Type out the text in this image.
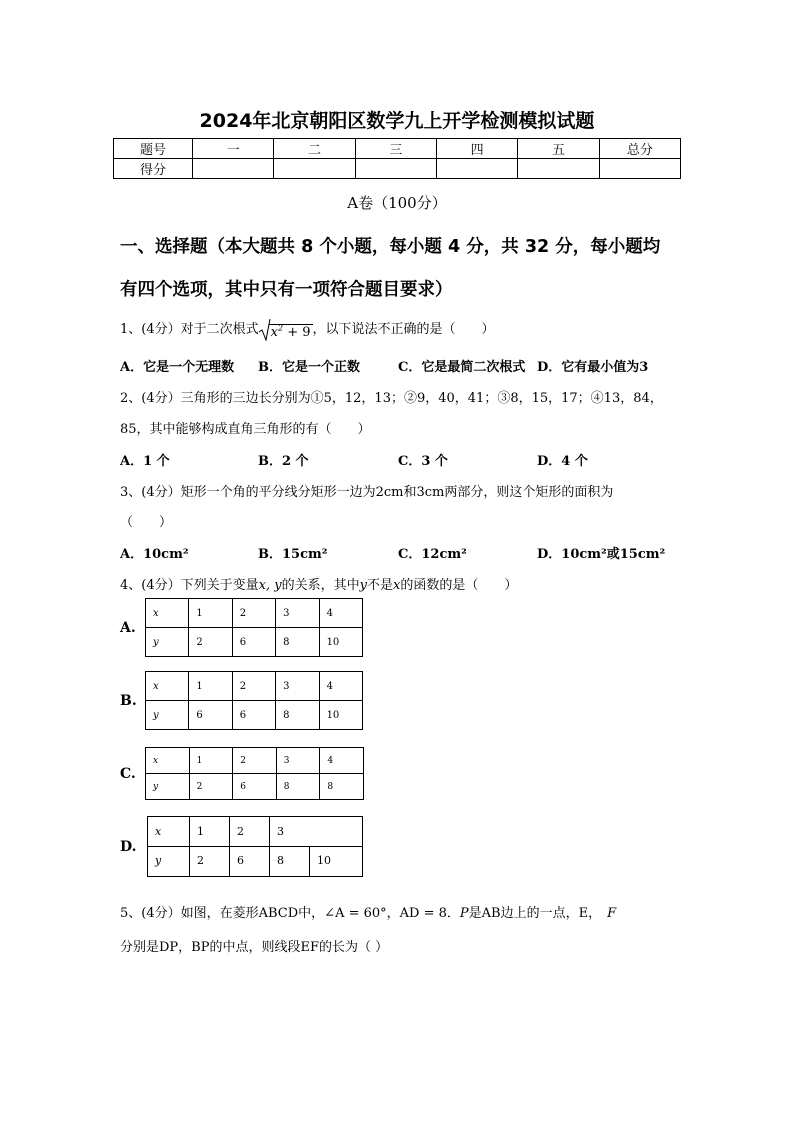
2024年北京朝阳区数学九上开学检测模拟试题
题号	一	二	三	四	五	总分
得分						
A卷（100分）
一、选择题（本大题共 8 个小题，每小题 4 分，共 32 分，每小题均
有四个选项，其中只有一项符合题目要求）
1、(4分）对于二次根式 $x^2 + 9$ ，以下说法不正确的是（　　）
A．它是一个无理数 B．它是一个正数	C．它是最简二次根式 D．它有最小值为3
2、(4分）三角形的三边长分别为①5，12，13；②9，40，41；③8，15，17；④13，84，
85，其中能够构成直角三角形的有（　　）
A．1 个	B．2 个	C．3 个	D．4 个
3、(4分）矩形一个角的平分线分矩形一边为2cm和3cm两部分，则这个矩形的面积为
（　　）
A．10cm²	B．15cm²	C．12cm²	D．10cm²或15cm²
4、(4分）下列关于变量x, y的关系，其中y不是x的函数的是（　　）
A.
x	1	2	3	4
y	2	6	8	10
B.
x	1	2	3	4
y	6	6	8	10
C.
x	1	2	3	4
y	2	6	8	8
D.
x	1	2	3
y	2	6	8	10
5、(4分）如图，在菱形ABCD中，∠A = 60°，AD = 8．P是AB边上的一点，E， F
分别是DP，BP的中点，则线段EF的长为（ ）
